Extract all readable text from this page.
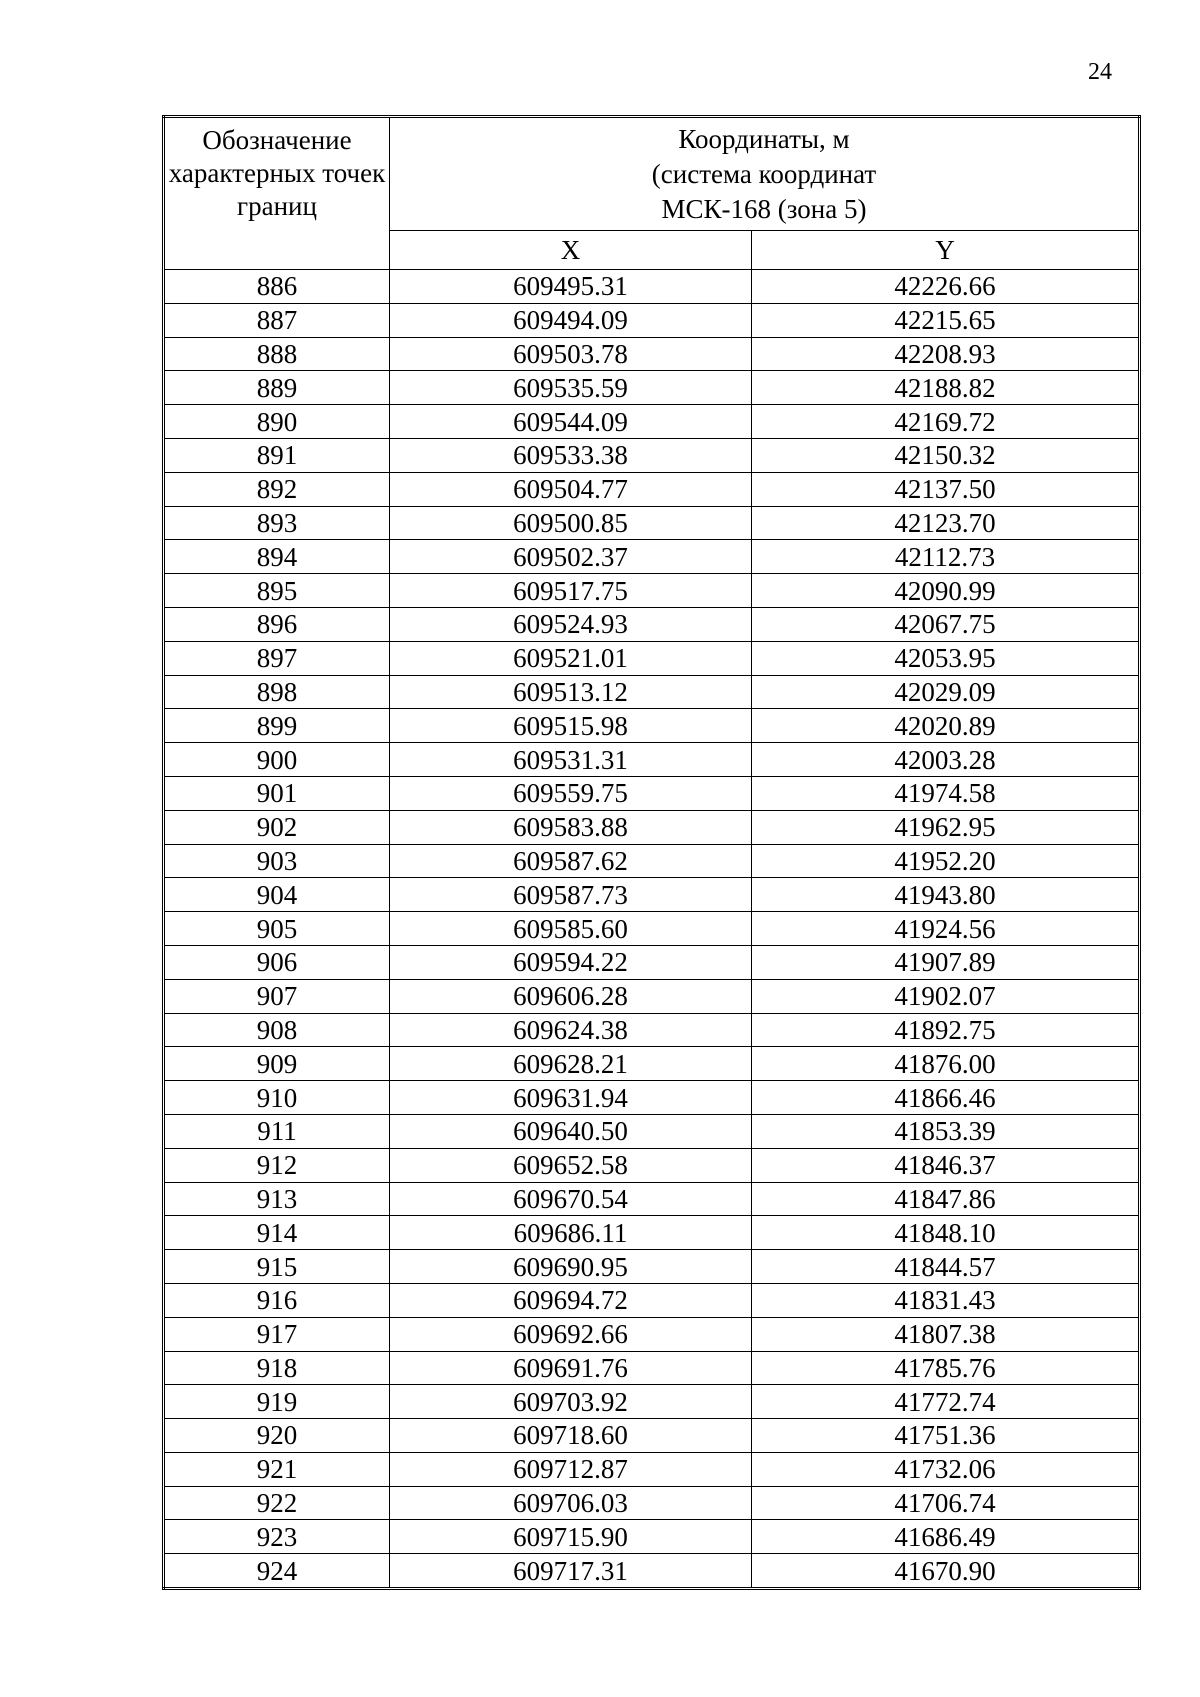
24
Обозначение характерных точек границ	Координаты, м
(система координат
МСК-168 (зона 5)	

	X	Y
886	609495.31	42226.66
887	609494.09	42215.65
888	609503.78	42208.93
889	609535.59	42188.82
890	609544.09	42169.72
891	609533.38	42150.32
892	609504.77	42137.50
893	609500.85	42123.70
894	609502.37	42112.73
895	609517.75	42090.99
896	609524.93	42067.75
897	609521.01	42053.95
898	609513.12	42029.09
899	609515.98	42020.89
900	609531.31	42003.28
901	609559.75	41974.58
902	609583.88	41962.95
903	609587.62	41952.20
904	609587.73	41943.80
905	609585.60	41924.56
906	609594.22	41907.89
907	609606.28	41902.07
908	609624.38	41892.75
909	609628.21	41876.00
910	609631.94	41866.46
911	609640.50	41853.39
912	609652.58	41846.37
913	609670.54	41847.86
914	609686.11	41848.10
915	609690.95	41844.57
916	609694.72	41831.43
917	609692.66	41807.38
918	609691.76	41785.76
919	609703.92	41772.74
920	609718.60	41751.36
921	609712.87	41732.06
922	609706.03	41706.74
923	609715.90	41686.49
924	609717.31	41670.90
